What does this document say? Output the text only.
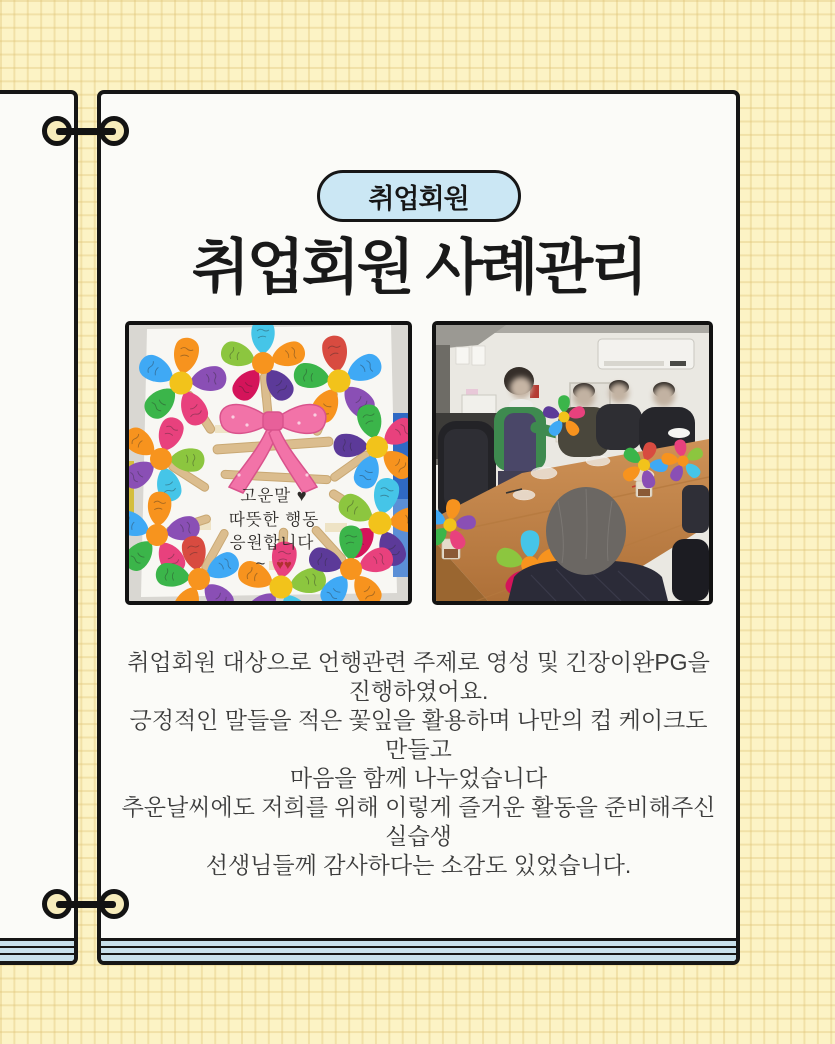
취업회원
취업회원 사례관리
고운말 ♥
따뜻한 행동
응원합니다
~ ♥♥
취업회원 대상으로 언행관련 주제로 영성 및 긴장이완PG을
진행하였어요.
긍정적인 말들을 적은 꽃잎을 활용하며 나만의 컵 케이크도 만들고
마음을 함께 나누었습니다
추운날씨에도 저희를 위해 이렇게 즐거운 활동을 준비해주신 실습생
선생님들께 감사하다는 소감도 있었습니다.
